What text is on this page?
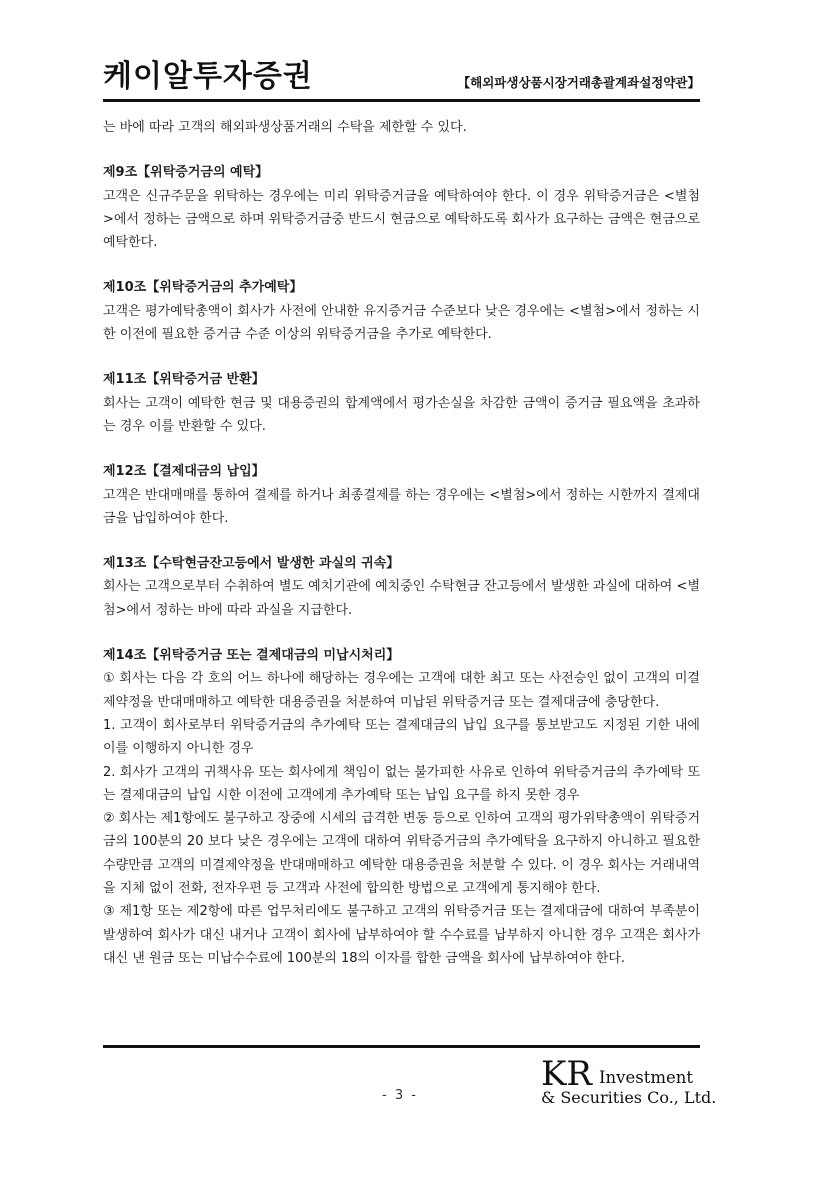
케이알투자증권	【해외파생상품시장거래총괄계좌설정약관】

는 바에 따라 고객의 해외파생상품거래의 수탁을 제한할 수 있다.

제9조【위탁증거금의 예탁】

고객은 신규주문을 위탁하는 경우에는 미리 위탁증거금을 예탁하여야 한다. 이 경우 위탁증거금은 <별첨>에서 정하는 금액으로 하며 위탁증거금중 반드시 현금으로 예탁하도록 회사가 요구하는 금액은 현금으로 예탁한다.

제10조【위탁증거금의 추가예탁】

고객은 평가예탁총액이 회사가 사전에 안내한 유지증거금 수준보다 낮은 경우에는 <별첨>에서 정하는 시한 이전에 필요한 증거금 수준 이상의 위탁증거금을 추가로 예탁한다.

제11조【위탁증거금 반환】

회사는 고객이 예탁한 현금 및 대용증권의 합계액에서 평가손실을 차감한 금액이 증거금 필요액을 초과하는 경우 이를 반환할 수 있다.

제12조【결제대금의 납입】

고객은 반대매매를 통하여 결제를 하거나 최종결제를 하는 경우에는 <별첨>에서 정하는 시한까지 결제대금을 납입하여야 한다.

제13조【수탁현금잔고등에서 발생한 과실의 귀속】

회사는 고객으로부터 수취하여 별도 예치기관에 예치중인 수탁현금 잔고등에서 발생한 과실에 대하여 <별첨>에서 정하는 바에 따라 과실을 지급한다.

제14조【위탁증거금 또는 결제대금의 미납시처리】

① 회사는 다음 각 호의 어느 하나에 해당하는 경우에는 고객에 대한 최고 또는 사전승인 없이 고객의 미결제약정을 반대매매하고 예탁한 대용증권을 처분하여 미납된 위탁증거금 또는 결제대금에 충당한다.

1. 고객이 회사로부터 위탁증거금의 추가예탁 또는 결제대금의 납입 요구를 통보받고도 지정된 기한 내에 이를 이행하지 아니한 경우

2. 회사가 고객의 귀책사유 또는 회사에게 책임이 없는 불가피한 사유로 인하여 위탁증거금의 추가예탁 또는 결제대금의 납입 시한 이전에 고객에게 추가예탁 또는 납입 요구를 하지 못한 경우

② 회사는 제1항에도 불구하고 장중에 시세의 급격한 변동 등으로 인하여 고객의 평가위탁총액이 위탁증거금의 100분의 20 보다 낮은 경우에는 고객에 대하여 위탁증거금의 추가예탁을 요구하지 아니하고 필요한 수량만큼 고객의 미결제약정을 반대매매하고 예탁한 대용증권을 처분할 수 있다. 이 경우 회사는 거래내역을 지체 없이 전화, 전자우편 등 고객과 사전에 합의한 방법으로 고객에게 통지해야 한다.

③ 제1항 또는 제2항에 따른 업무처리에도 불구하고 고객의 위탁증거금 또는 결제대금에 대하여 부족분이 발생하여 회사가 대신 내거나 고객이 회사에 납부하여야 할 수수료를 납부하지 아니한 경우 고객은 회사가 대신 낸 원금 또는 미납수수료에 100분의 18의 이자를 합한 금액을 회사에 납부하여야 한다.

- 3 -
KR Investment
& Securities Co., Ltd.
